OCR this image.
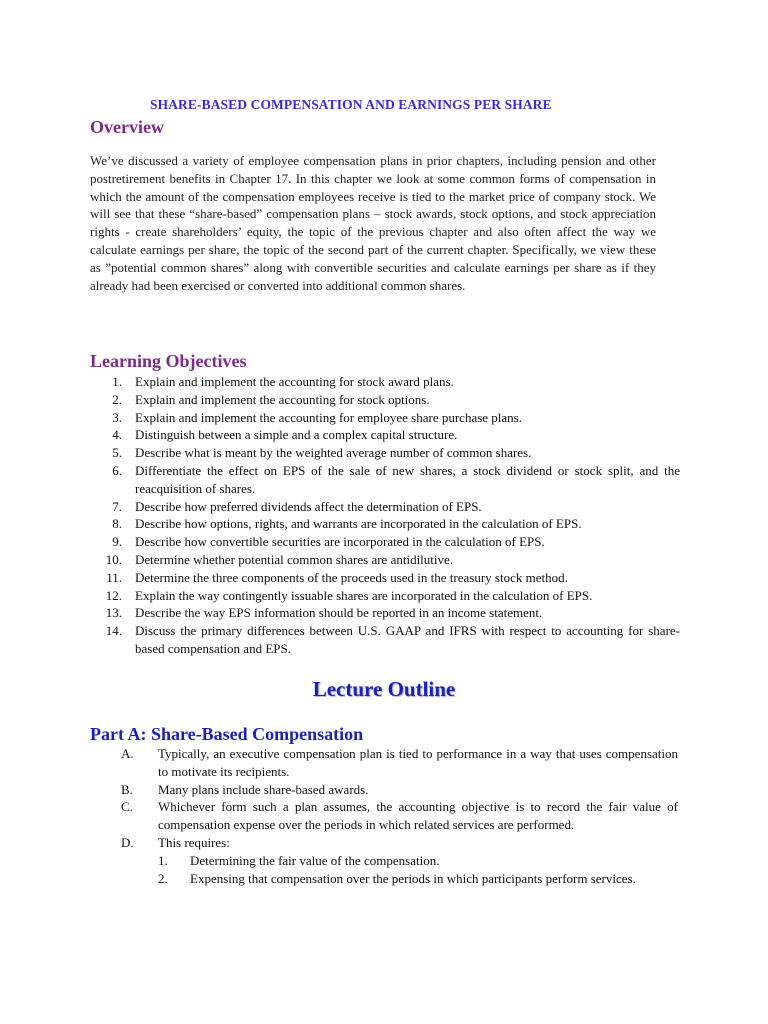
SHARE-BASED COMPENSATION AND EARNINGS PER SHARE
Overview

We’ve discussed a variety of employee compensation plans in prior chapters, including pension and other postretirement benefits in Chapter 17. In this chapter we look at some common forms of compensation in which the amount of the compensation employees receive is tied to the market price of company stock. We will see that these “share-based” compensation plans – stock awards, stock options, and stock appreciation rights - create shareholders’ equity, the topic of the previous chapter and also often affect the way we calculate earnings per share, the topic of the second part of the current chapter. Specifically, we view these as ”potential common shares” along with convertible securities and calculate earnings per share as if they already had been exercised or converted into additional common shares.

Learning Objectives
1. Explain and implement the accounting for stock award plans.
2. Explain and implement the accounting for stock options.
3. Explain and implement the accounting for employee share purchase plans.
4. Distinguish between a simple and a complex capital structure.
5. Describe what is meant by the weighted average number of common shares.
6. Differentiate the effect on EPS of the sale of new shares, a stock dividend or stock split, and the reacquisition of shares.
7. Describe how preferred dividends affect the determination of EPS.
8. Describe how options, rights, and warrants are incorporated in the calculation of EPS.
9. Describe how convertible securities are incorporated in the calculation of EPS.
10. Determine whether potential common shares are antidilutive.
11. Determine the three components of the proceeds used in the treasury stock method.
12. Explain the way contingently issuable shares are incorporated in the calculation of EPS.
13. Describe the way EPS information should be reported in an income statement.
14. Discuss the primary differences between U.S. GAAP and IFRS with respect to accounting for share-based compensation and EPS.
Lecture Outline
Part A: Share-Based Compensation
A. Typically, an executive compensation plan is tied to performance in a way that uses compensation to motivate its recipients.
B. Many plans include share-based awards.
C. Whichever form such a plan assumes, the accounting objective is to record the fair value of compensation expense over the periods in which related services are performed.
D. This requires:
1. Determining the fair value of the compensation.
2. Expensing that compensation over the periods in which participants perform services.
